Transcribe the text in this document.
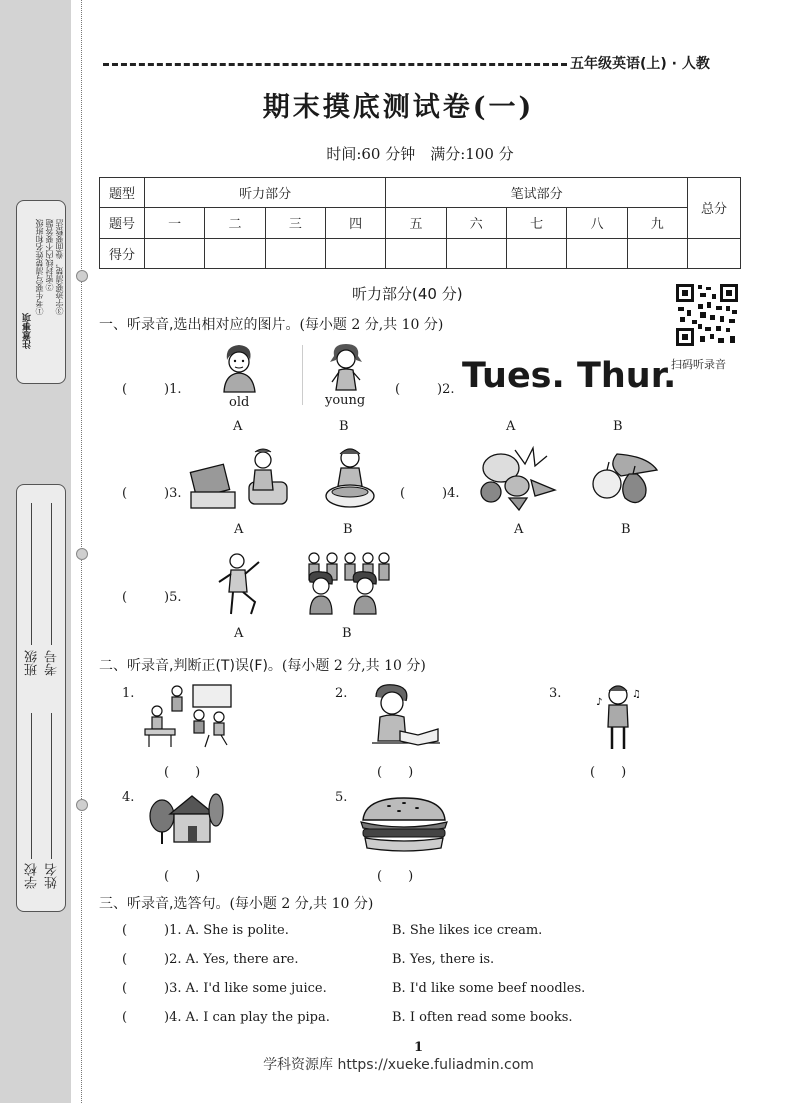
注意事项
①考生要写清楚姓名和班级 ②密封线内不要答题 ③字迹要清楚，卷面要整洁
学校 姓名
班级 考号
五年级英语(上) · 人教
期末摸底测试卷(一)
时间:60 分钟　满分:100 分
题型	听力部分				笔试部分					总分
题号	一	二	三	四	五	六	七	八	九	
得分										
听力部分(40 分)
扫码听录音
一、听录音,选出相对应的图片。(每小题 2 分,共 10 分)
(	)1.
old	young
A	B
(	)2. Tues. Thur.
A	B
(	)3.
A	B
(	)4.
A	B
(	)5.
A	B
二、听录音,判断正(T)误(F)。(每小题 2 分,共 10 分)
1.
(　　)
2.
(　　)
3.
♪
♫
(　　)
4.
(　　)
5.
(　　)
三、听录音,选答句。(每小题 2 分,共 10 分)
(	)1. A. She is polite.	B. She likes ice cream.
(	)2. A. Yes, there are.	B. Yes, there is.
(	)3. A. I'd like some juice.	B. I'd like some beef noodles.
(	)4. A. I can play the pipa.	B. I often read some books.
1
学科资源库 https://xueke.fuliadmin.com
